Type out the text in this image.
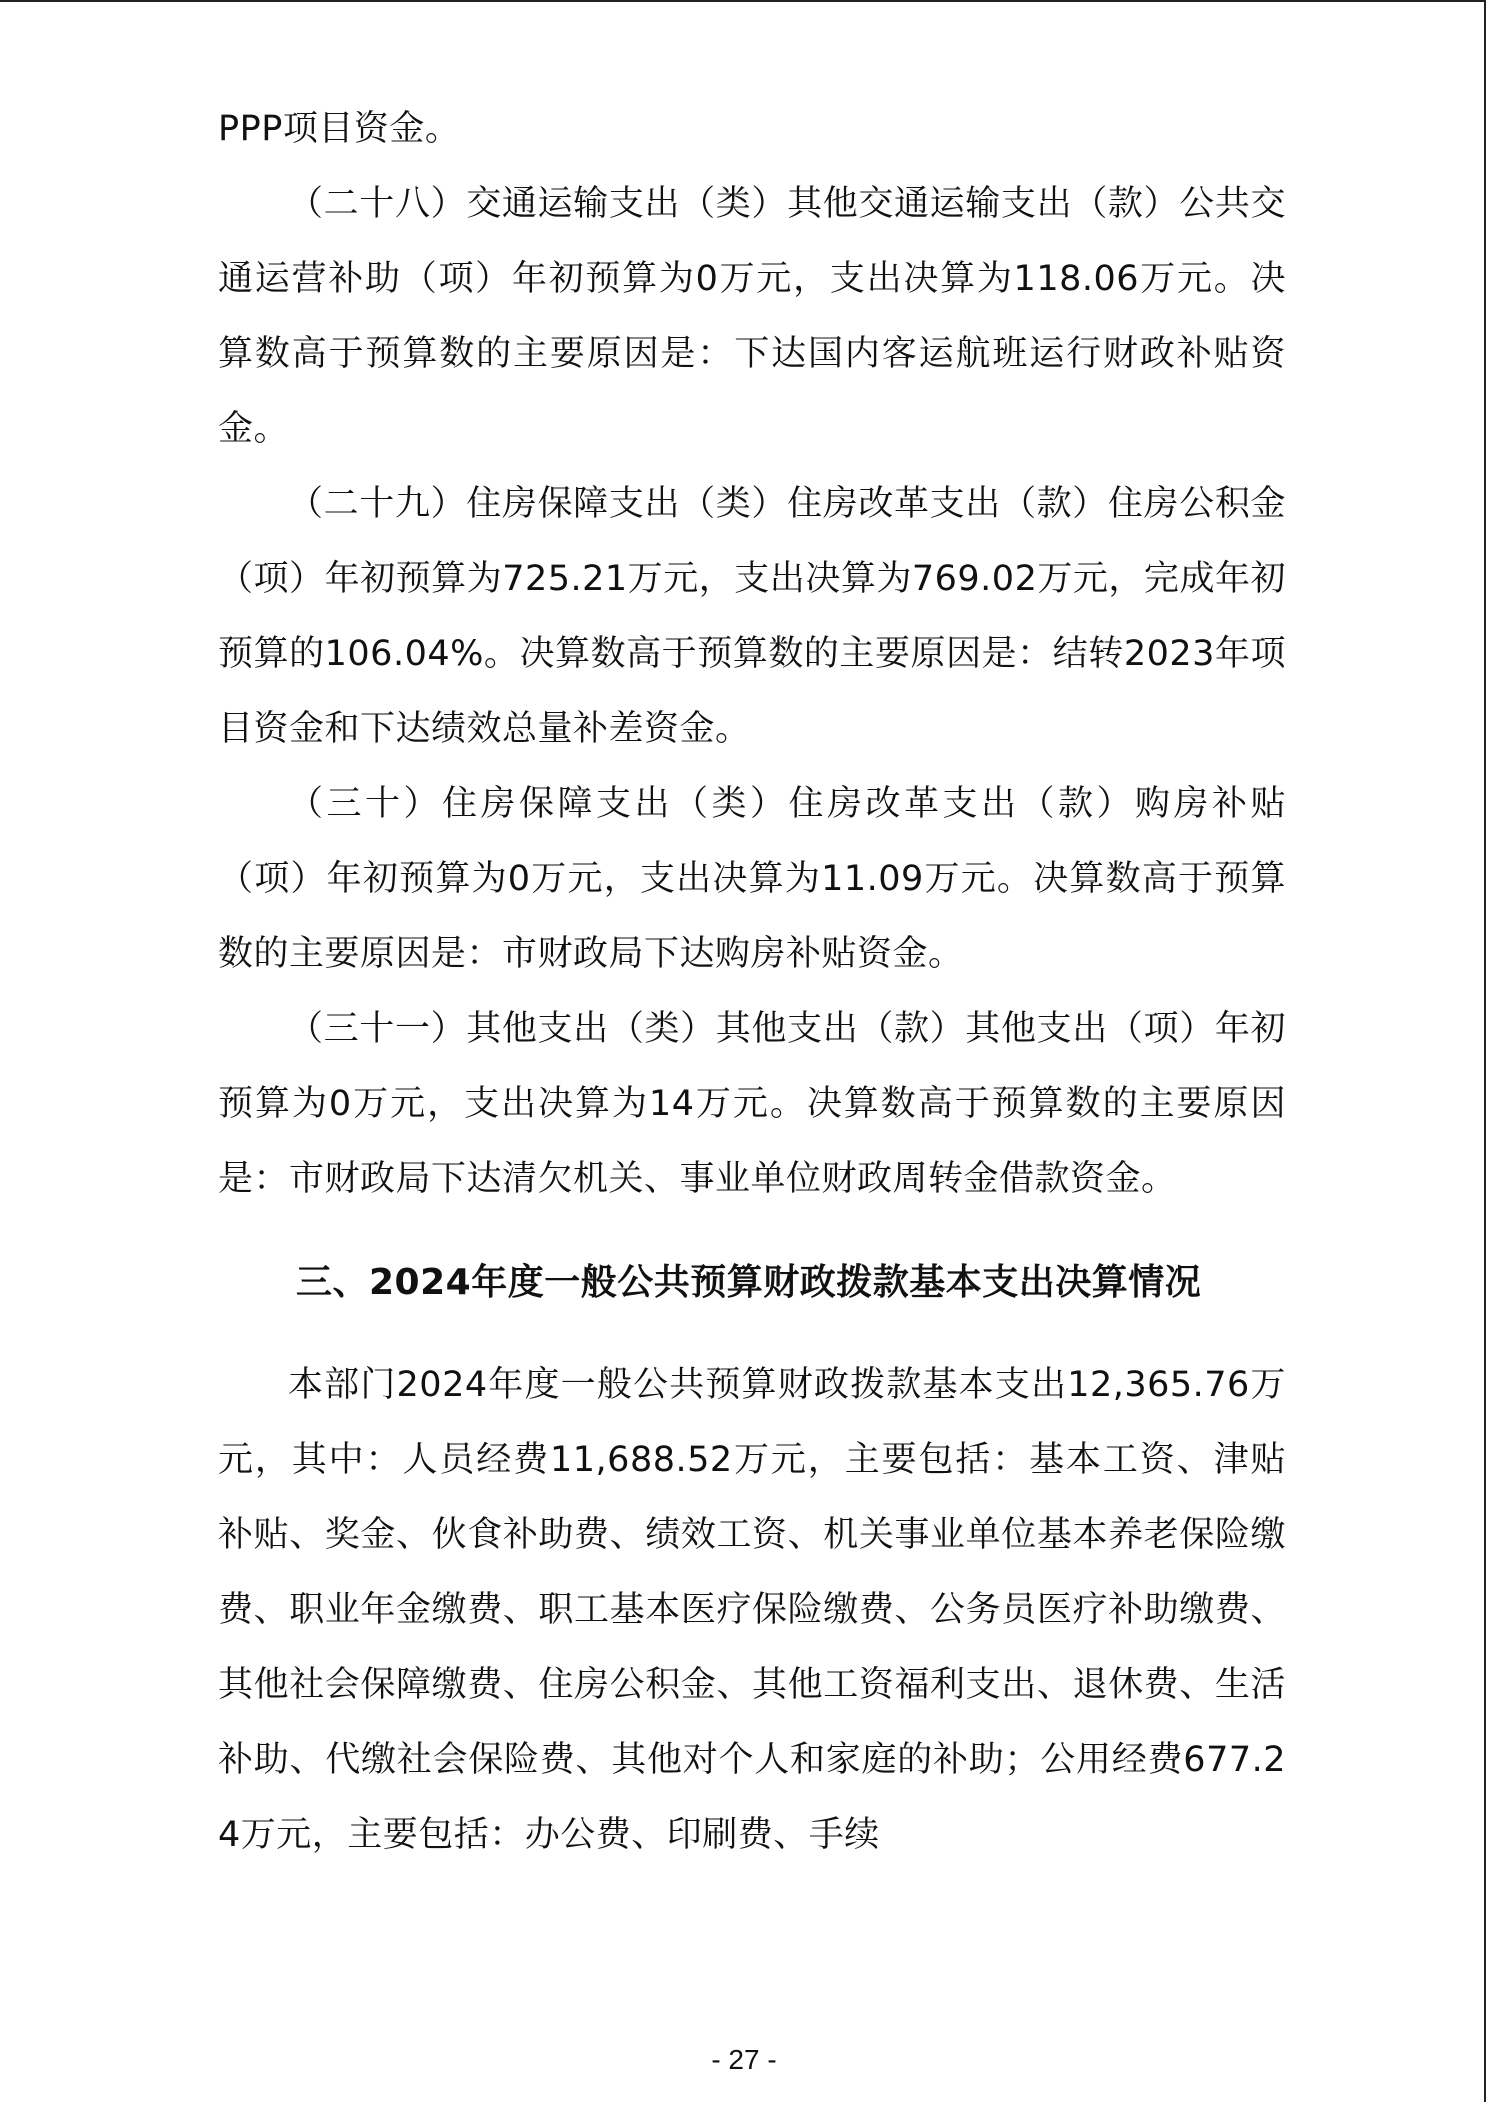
PPP项目资金。

（二十八）交通运输支出（类）其他交通运输支出（款）公共交通运营补助（项）年初预算为0万元，支出决算为118.06万元。决算数高于预算数的主要原因是：下达国内客运航班运行财政补贴资金。

（二十九）住房保障支出（类）住房改革支出（款）住房公积金（项）年初预算为725.21万元，支出决算为769.02万元，完成年初预算的106.04%。决算数高于预算数的主要原因是：结转2023年项目资金和下达绩效总量补差资金。

（三十）住房保障支出（类）住房改革支出（款）购房补贴（项）年初预算为0万元，支出决算为11.09万元。决算数高于预算数的主要原因是：市财政局下达购房补贴资金。

（三十一）其他支出（类）其他支出（款）其他支出（项）年初预算为0万元，支出决算为14万元。决算数高于预算数的主要原因是：市财政局下达清欠机关、事业单位财政周转金借款资金。

三、2024年度一般公共预算财政拨款基本支出决算情况

本部门2024年度一般公共预算财政拨款基本支出12,365.76万元，其中：人员经费11,688.52万元，主要包括：基本工资、津贴补贴、奖金、伙食补助费、绩效工资、机关事业单位基本养老保险缴费、职业年金缴费、职工基本医疗保险缴费、公务员医疗补助缴费、其他社会保障缴费、住房公积金、其他工资福利支出、退休费、生活补助、代缴社会保险费、其他对个人和家庭的补助；公用经费677.24万元，主要包括：办公费、印刷费、手续

- 27 -
